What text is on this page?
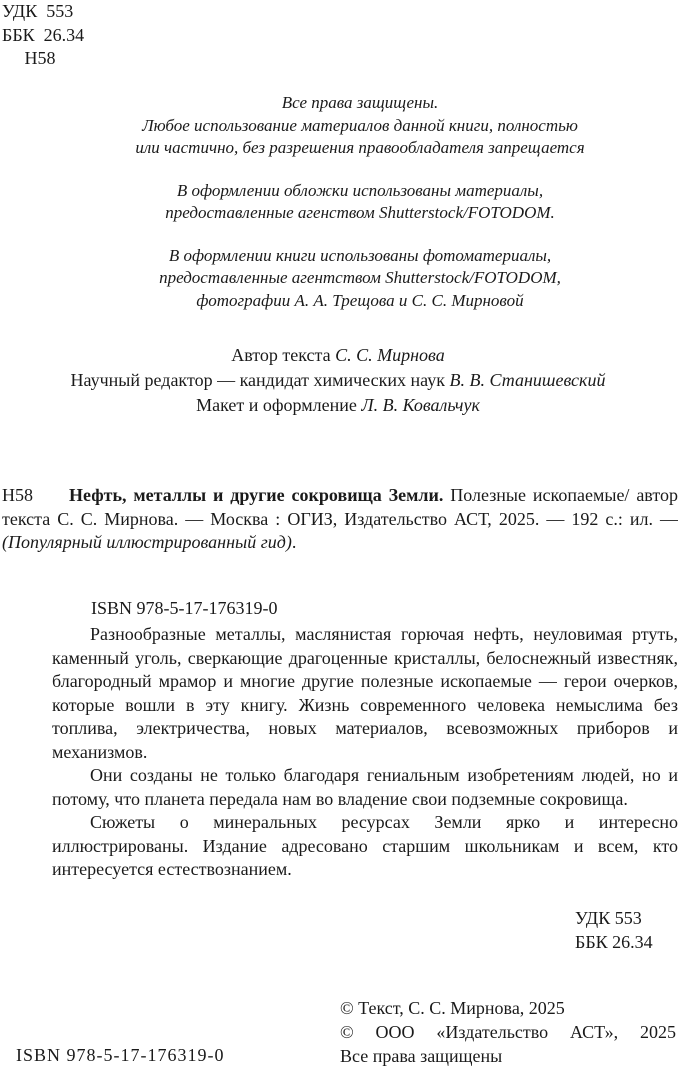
УДК  553
ББК  26.34
Н58

Все права защищены.
Любое использование материалов данной книги, полностью
или частично, без разрешения правообладателя запрещается

В оформлении обложки использованы материалы,
предоставленные агенством Shutterstock/FOTODOM.

В оформлении книги использованы фотоматериалы,
предоставленные агентством Shutterstock/FOTODOM,
фотографии А. А. Трещова и С. С. Мирновой

Автор текста С. С. Мирнова
Научный редактор — кандидат химических наук В. В. Станишевский
Макет и оформление Л. В. Ковальчук
Н58 Нефть, металлы и другие сокровища Земли. Полезные ископаемые/ автор текста С. С. Мирнова. — Москва : ОГИЗ, Издательство АСТ, 2025. — 192 с.: ил. — (Популярный иллюстрированный гид).
ISBN 978-5-17-176319-0

Разнообразные металлы, маслянистая горючая нефть, неуловимая ртуть, каменный уголь, сверкающие драгоценные кристаллы, белоснежный известняк, благородный мрамор и многие другие полезные ископаемые — герои очерков, которые вошли в эту книгу. Жизнь современного человека немыслима без топлива, электричества, новых материалов, всевозможных приборов и механизмов.

Они созданы не только благодаря гениальным изобретениям людей, но и потому, что планета передала нам во владение свои подземные сокровища.

Сюжеты о минеральных ресурсах Земли ярко и интересно иллюстрированы. Издание адресовано старшим школьникам и всем, кто интересуется естествознанием.

УДК 553
ББК 26.34
© Текст, С. С. Мирнова, 2025
© ООО «Издательство АСТ», 2025
Все права защищены
ISBN 978-5-17-176319-0
